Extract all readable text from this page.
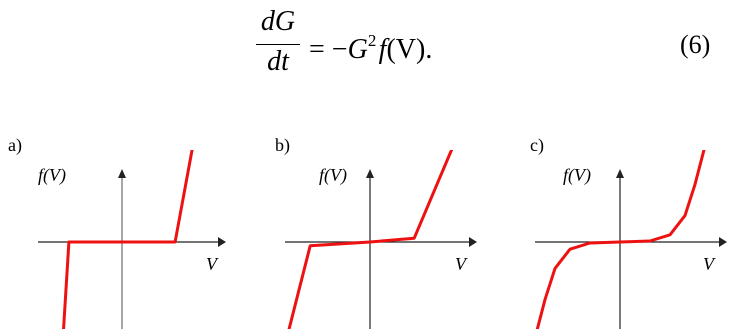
dG
dt = $-G^2$ f(V).	(6)
a)	b)	c)
f(V)
V
f(V)
V
f(V)
V
